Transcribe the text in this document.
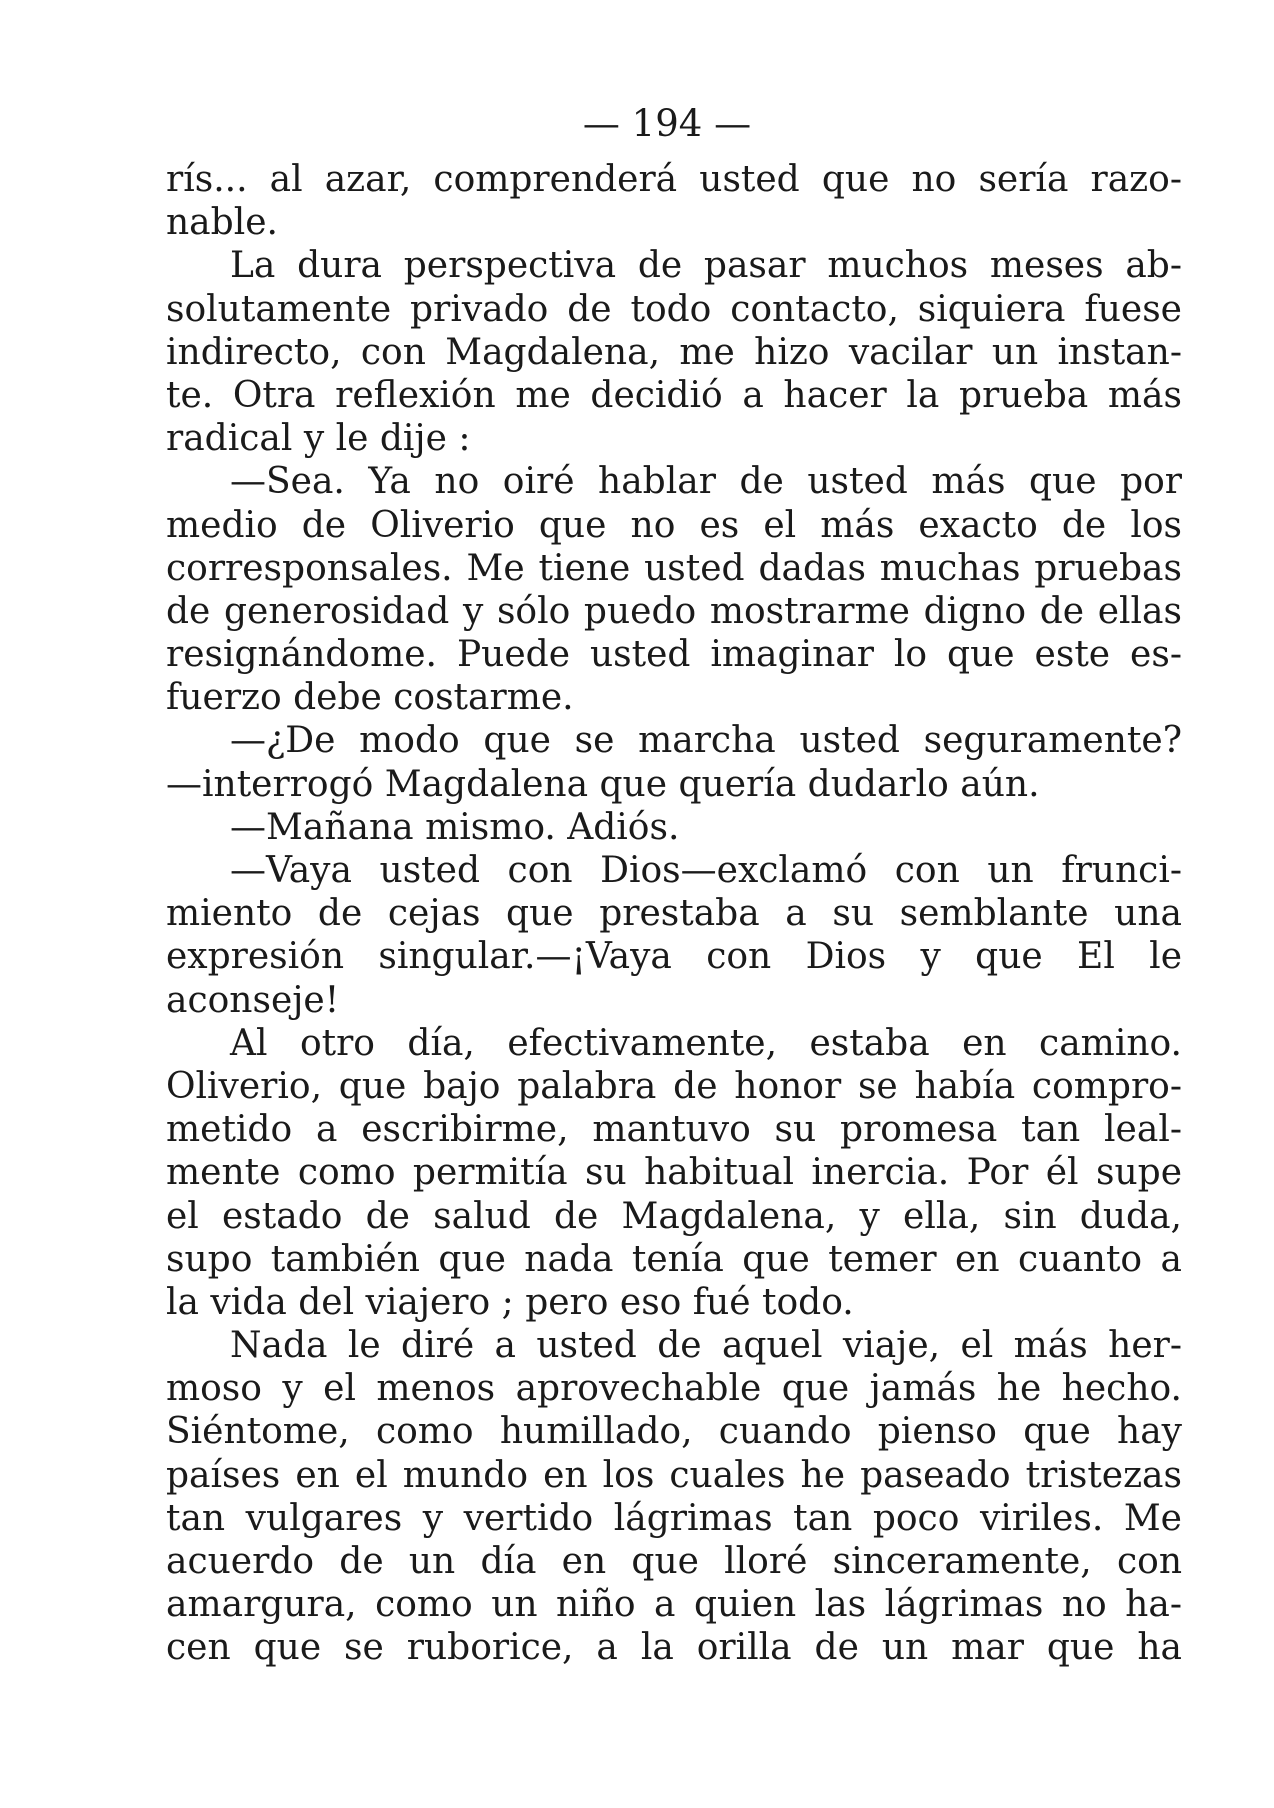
— 194 —
rís... al azar, comprenderá usted que no sería razo-
nable.
La dura perspectiva de pasar muchos meses ab-
solutamente privado de todo contacto, siquiera fuese
indirecto, con Magdalena, me hizo vacilar un instan-
te. Otra reflexión me decidió a hacer la prueba más
radical y le dije :
—Sea. Ya no oiré hablar de usted más que por
medio de Oliverio que no es el más exacto de los
corresponsales. Me tiene usted dadas muchas pruebas
de generosidad y sólo puedo mostrarme digno de ellas
resignándome. Puede usted imaginar lo que este es-
fuerzo debe costarme.
—¿De modo que se marcha usted seguramente?
—interrogó Magdalena que quería dudarlo aún.
—Mañana mismo. Adiós.
—Vaya usted con Dios—exclamó con un frunci-
miento de cejas que prestaba a su semblante una
expresión singular.—¡Vaya con Dios y que El le
aconseje!
Al otro día, efectivamente, estaba en camino.
Oliverio, que bajo palabra de honor se había compro-
metido a escribirme, mantuvo su promesa tan leal-
mente como permitía su habitual inercia. Por él supe
el estado de salud de Magdalena, y ella, sin duda,
supo también que nada tenía que temer en cuanto a
la vida del viajero ; pero eso fué todo.
Nada le diré a usted de aquel viaje, el más her-
moso y el menos aprovechable que jamás he hecho.
Siéntome, como humillado, cuando pienso que hay
países en el mundo en los cuales he paseado tristezas
tan vulgares y vertido lágrimas tan poco viriles. Me
acuerdo de un día en que lloré sinceramente, con
amargura, como un niño a quien las lágrimas no ha-
cen que se ruborice, a la orilla de un mar que ha
